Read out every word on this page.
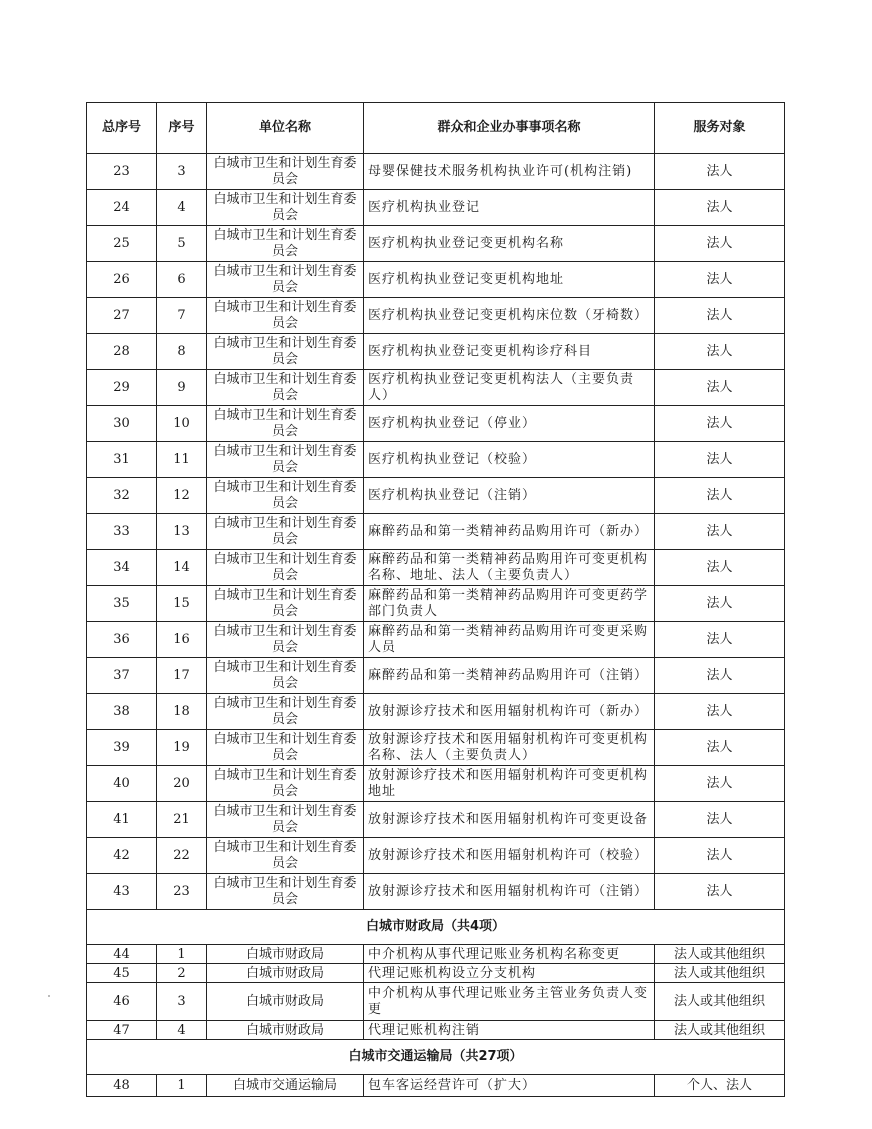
总序号	序号	单位名称	群众和企业办事事项名称	服务对象
23	3	白城市卫生和计划生育委员会	母婴保健技术服务机构执业许可(机构注销)	法人
24	4	白城市卫生和计划生育委员会	医疗机构执业登记	法人
25	5	白城市卫生和计划生育委员会	医疗机构执业登记变更机构名称	法人
26	6	白城市卫生和计划生育委员会	医疗机构执业登记变更机构地址	法人
27	7	白城市卫生和计划生育委员会	医疗机构执业登记变更机构床位数（牙椅数）	法人
28	8	白城市卫生和计划生育委员会	医疗机构执业登记变更机构诊疗科目	法人
29	9	白城市卫生和计划生育委员会	医疗机构执业登记变更机构法人（主要负责人）	法人
30	10	白城市卫生和计划生育委员会	医疗机构执业登记（停业）	法人
31	11	白城市卫生和计划生育委员会	医疗机构执业登记（校验）	法人
32	12	白城市卫生和计划生育委员会	医疗机构执业登记（注销）	法人
33	13	白城市卫生和计划生育委员会	麻醉药品和第一类精神药品购用许可（新办）	法人
34	14	白城市卫生和计划生育委员会	麻醉药品和第一类精神药品购用许可变更机构名称、地址、法人（主要负责人）	法人
35	15	白城市卫生和计划生育委员会	麻醉药品和第一类精神药品购用许可变更药学部门负责人	法人
36	16	白城市卫生和计划生育委员会	麻醉药品和第一类精神药品购用许可变更采购人员	法人
37	17	白城市卫生和计划生育委员会	麻醉药品和第一类精神药品购用许可（注销）	法人
38	18	白城市卫生和计划生育委员会	放射源诊疗技术和医用辐射机构许可（新办）	法人
39	19	白城市卫生和计划生育委员会	放射源诊疗技术和医用辐射机构许可变更机构名称、法人（主要负责人）	法人
40	20	白城市卫生和计划生育委员会	放射源诊疗技术和医用辐射机构许可变更机构地址	法人
41	21	白城市卫生和计划生育委员会	放射源诊疗技术和医用辐射机构许可变更设备	法人
42	22	白城市卫生和计划生育委员会	放射源诊疗技术和医用辐射机构许可（校验）	法人
43	23	白城市卫生和计划生育委员会	放射源诊疗技术和医用辐射机构许可（注销）	法人
白城市财政局（共4项）				
44	1	白城市财政局	中介机构从事代理记账业务机构名称变更	法人或其他组织
45	2	白城市财政局	代理记账机构设立分支机构	法人或其他组织
46	3	白城市财政局	中介机构从事代理记账业务主管业务负责人变更	法人或其他组织
47	4	白城市财政局	代理记账机构注销	法人或其他组织
白城市交通运输局（共27项）				
48	1	白城市交通运输局	包车客运经营许可（扩大）	个人、法人
